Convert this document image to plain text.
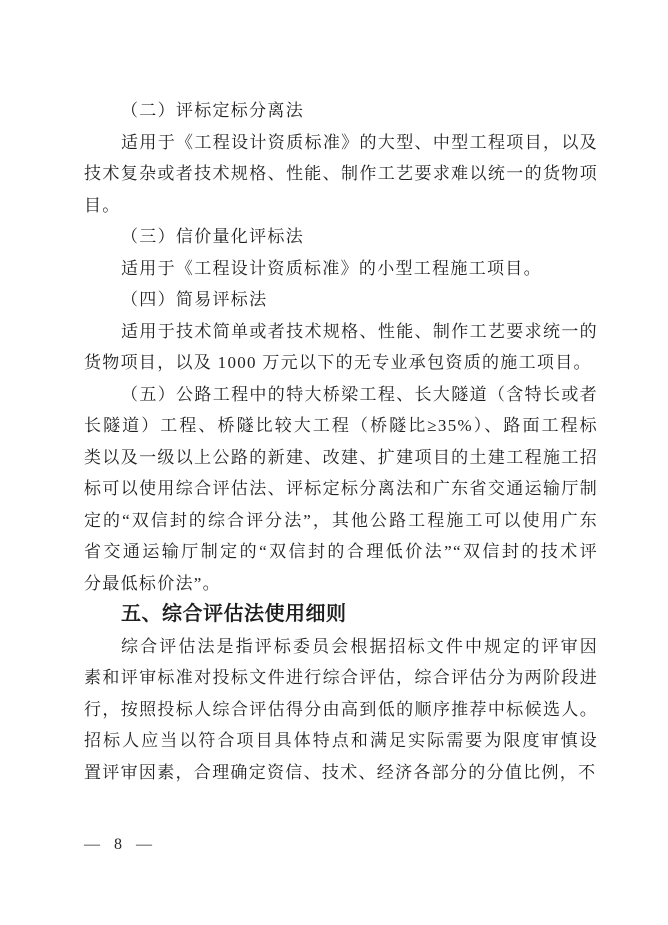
（二）评标定标分离法
适用于《工程设计资质标准》的大型、中型工程项目，以及
技术复杂或者技术规格、性能、制作工艺要求难以统一的货物项
目。
（三）信价量化评标法
适用于《工程设计资质标准》的小型工程施工项目。
（四）简易评标法
适用于技术简单或者技术规格、性能、制作工艺要求统一的
货物项目，以及 1000 万元以下的无专业承包资质的施工项目。
（五）公路工程中的特大桥梁工程、长大隧道（含特长或者
长隧道）工程、桥隧比较大工程（桥隧比≥35%）、路面工程标
类以及一级以上公路的新建、改建、扩建项目的土建工程施工招
标可以使用综合评估法、评标定标分离法和广东省交通运输厅制
定的“双信封的综合评分法”，其他公路工程施工可以使用广东
省交通运输厅制定的“双信封的合理低价法”“双信封的技术评
分最低标价法”。
五、综合评估法使用细则
综合评估法是指评标委员会根据招标文件中规定的评审因
素和评审标准对投标文件进行综合评估，综合评估分为两阶段进
行，按照投标人综合评估得分由高到低的顺序推荐中标候选人。
招标人应当以符合项目具体特点和满足实际需要为限度审慎设
置评审因素，合理确定资信、技术、经济各部分的分值比例，不
— 8 —
